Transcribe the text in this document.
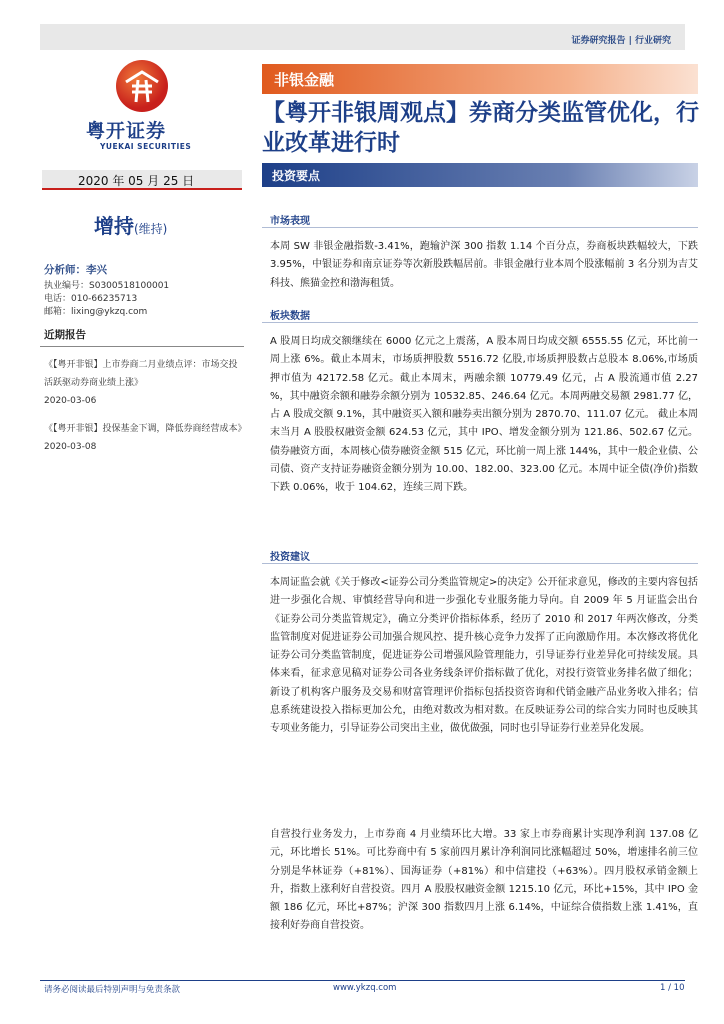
证券研究报告 | 行业研究
粤开证券
YUEKAI SECURITIES
2020 年 05 月 25 日
增持(维持)
分析师：李兴
执业编号：S0300518100001
电话：010-66235713
邮箱：lixing@ykzq.com
近期报告
《【粤开非银】上市券商二月业绩点评：市场交投活跃驱动券商业绩上涨》
2020-03-06
《【粤开非银】投保基金下调，降低券商经营成本》2020-03-08
非银金融
【粤开非银周观点】券商分类监管优化，行业改革进行时
投资要点
市场表现
本周 SW 非银金融指数-3.41%，跑输沪深 300 指数 1.14 个百分点，券商板块跌幅较大，下跌 3.95%，中银证券和南京证券等次新股跌幅居前。非银金融行业本周个股涨幅前 3 名分别为吉艾科技、熊猫金控和渤海租赁。
板块数据
A 股周日均成交额继续在 6000 亿元之上震荡，A 股本周日均成交额 6555.55 亿元，环比前一周上涨 6%。截止本周末，市场质押股数 5516.72 亿股,市场质押股数占总股本 8.06%,市场质押市值为 42172.58 亿元。截止本周末，两融余额 10779.49 亿元，占 A 股流通市值 2.27 %，其中融资余额和融券余额分别为 10532.85、246.64 亿元。本周两融交易额 2981.77 亿，占 A 股成交额 9.1%，其中融资买入额和融券卖出额分别为 2870.70、111.07 亿元。 截止本周末当月 A 股股权融资金额 624.53 亿元，其中 IPO、增发金额分别为 121.86、502.67 亿元。债券融资方面，本周核心债券融资金额 515 亿元，环比前一周上涨 144%，其中一般企业债、公司债、资产支持证券融资金额分别为 10.00、182.00、323.00 亿元。本周中证全债(净价)指数下跌 0.06%，收于 104.62，连续三周下跌。
投资建议
本周证监会就《关于修改<证券公司分类监管规定>的决定》公开征求意见，修改的主要内容包括进一步强化合规、审慎经营导向和进一步强化专业服务能力导向。自 2009 年 5 月证监会出台《证券公司分类监管规定》，确立分类评价指标体系，经历了 2010 和 2017 年两次修改，分类监管制度对促进证券公司加强合规风控、提升核心竞争力发挥了正向激励作用。本次修改将优化证券公司分类监管制度，促进证券公司增强风险管理能力，引导证券行业差异化可持续发展。具体来看，征求意见稿对证券公司各业务线条评价指标做了优化，对投行资管业务排名做了细化；新设了机构客户服务及交易和财富管理评价指标包括投资咨询和代销金融产品业务收入排名；信息系统建设投入指标更加公允，由绝对数改为相对数。在反映证券公司的综合实力同时也反映其专项业务能力，引导证券公司突出主业，做优做强，同时也引导证券行业差异化发展。
自营投行业务发力，上市券商 4 月业绩环比大增。33 家上市券商累计实现净利润 137.08 亿元，环比增长 51%。可比券商中有 5 家前四月累计净利润同比涨幅超过 50%，增速排名前三位分别是华林证券（+81%）、国海证券（+81%）和中信建投（+63%）。四月股权承销金额上升，指数上涨利好自营投资。四月 A 股股权融资金额 1215.10 亿元，环比+15%，其中 IPO 金额 186 亿元，环比+87%；沪深 300 指数四月上涨 6.14%，中证综合债指数上涨 1.41%，直接利好券商自营投资。
请务必阅读最后特别声明与免责条款	www.ykzq.com	1 / 10
